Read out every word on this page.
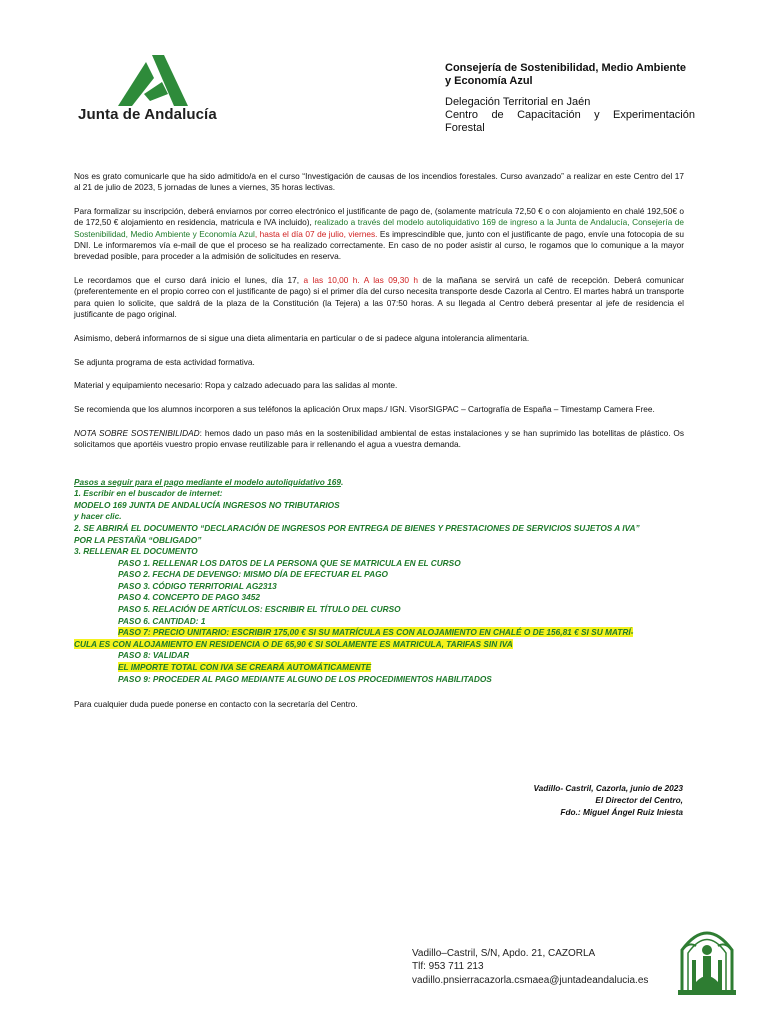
Junta de Andalucía
Consejería de Sostenibilidad, Medio Ambiente y Economía Azul
Delegación Territorial en Jaén
Centro de Capacitación y Experimentación Forestal

Nos es grato comunicarle que ha sido admitido/a en el curso “Investigación de causas de los incendios forestales. Curso avanzado” a realizar en este Centro del 17 al 21 de julio de 2023, 5 jornadas de lunes a viernes, 35 horas lectivas.

Para formalizar su inscripción, deberá enviarnos por correo electrónico el justificante de pago de, (solamente matrícula 72,50 € o con alojamiento en chalé 192,50€ o de 172,50 € alojamiento en residencia, matricula e IVA incluido), realizado a través del modelo autoliquidativo 169 de ingreso a la Junta de Andalucía, Consejería de Sostenibilidad, Medio Ambiente y Economía Azul, hasta el día 07 de julio, viernes. Es imprescindible que, junto con el justificante de pago, envíe una fotocopia de su DNI. Le informaremos vía e-mail de que el proceso se ha realizado correctamente. En caso de no poder asistir al curso, le rogamos que lo comunique a la mayor brevedad posible, para proceder a la admisión de solicitudes en reserva.

Le recordamos que el curso dará inicio el lunes, día 17, a las 10,00 h. A las 09,30 h de la mañana se servirá un café de recepción. Deberá comunicar (preferentemente en el propio correo con el justificante de pago) si el primer día del curso necesita transporte desde Cazorla al Centro. El martes habrá un transporte para quien lo solicite, que saldrá de la plaza de la Constitución (la Tejera) a las 07:50 horas. A su llegada al Centro deberá presentar al jefe de residencia el justificante de pago original.

Asimismo, deberá informarnos de si sigue una dieta alimentaria en particular o de si padece alguna intolerancia alimentaria.

Se adjunta programa de esta actividad formativa.

Material y equipamiento necesario: Ropa y calzado adecuado para las salidas al monte.

Se recomienda que los alumnos incorporen a sus teléfonos la aplicación Orux maps./ IGN. VisorSIGPAC – Cartografía de España – Timestamp Camera Free.

NOTA SOBRE SOSTENIBILIDAD: hemos dado un paso más en la sostenibilidad ambiental de estas instalaciones y se han suprimido las botellitas de plástico. Os solicitamos que aportéis vuestro propio envase reutilizable para ir rellenando el agua a vuestra demanda.

Pasos a seguir para el pago mediante el modelo autoliquidativo 169.
1. Escribir en el buscador de internet:
MODELO 169 JUNTA DE ANDALUCÍA INGRESOS NO TRIBUTARIOS
y hacer clic.
2. SE ABRIRÁ EL DOCUMENTO “DECLARACIÓN DE INGRESOS POR ENTREGA DE BIENES Y PRESTACIONES DE SERVICIOS SUJETOS A IVA”
POR LA PESTAÑA “OBLIGADO”
3. RELLENAR EL DOCUMENTO
PASO 1. RELLENAR LOS DATOS DE LA PERSONA QUE SE MATRICULA EN EL CURSO
PASO 2. FECHA DE DEVENGO: MISMO DÍA DE EFECTUAR EL PAGO
PASO 3. CÓDIGO TERRITORIAL AG2313
PASO 4. CONCEPTO DE PAGO 3452
PASO 5. RELACIÓN DE ARTÍCULOS: ESCRIBIR EL TÍTULO DEL CURSO
PASO 6. CANTIDAD: 1
PASO 7: PRECIO UNITARIO: ESCRIBIR 175,00 € SI SU MATRÍCULA ES CON ALOJAMIENTO EN CHALÉ O DE 156,81 € SI SU MATRÍ-
CULA ES CON ALOJAMIENTO EN RESIDENCIA O DE 65,90 € SI SOLAMENTE ES MATRICULA, TARIFAS SIN IVA
PASO 8: VALIDAR
EL IMPORTE TOTAL CON IVA SE CREARÁ AUTOMÁTICAMENTE
PASO 9: PROCEDER AL PAGO MEDIANTE ALGUNO DE LOS PROCEDIMIENTOS HABILITADOS

Para cualquier duda puede ponerse en contacto con la secretaría del Centro.

Vadillo- Castril, Cazorla, junio de 2023
El Director del Centro,
Fdo.: Miguel Ángel Ruiz Iniesta
Vadillo–Castril, S/N, Apdo. 21, CAZORLA
Tlf: 953 711 213
vadillo.pnsierracazorla.csmaea@juntadeandalucia.es
